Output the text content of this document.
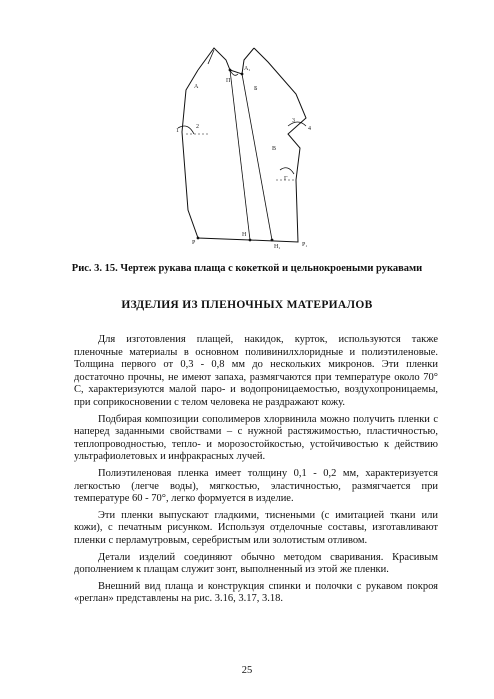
A
A₁
П
В
Б
Н
Н₁
Р	Р₁
Г
1
2
3
4
Рис. 3. 15. Чертеж рукава плаща с кокеткой и цельнокроеными рукавами
ИЗДЕЛИЯ ИЗ ПЛЕНОЧНЫХ МАТЕРИАЛОВ

Для изготовления плащей, накидок, курток, используются также пленочные материалы в основном поливинилхлоридные и полиэтиленовые. Толщина первого от 0,3 - 0,8 мм до нескольких микронов. Эти пленки достаточно прочны, не имеют запаха, размягчаются при температуре около 70° С, характеризуются малой паро- и водопроницаемостью, воздухопроницаемы, при соприкосновении с телом человека не раздражают кожу.

Подбирая композиции сополимеров хлорвинила можно получить пленки с наперед заданными свойствами – с нужной растяжимостью, пластичностью, теплопроводностью, тепло- и морозостойкостью, устойчивостью к действию ультрафиолетовых и инфракрасных лучей.

Полиэтиленовая пленка имеет толщину 0,1 - 0,2 мм, характеризуется легкостью (легче воды), мягкостью, эластичностью, размягчается при температуре 60 - 70°, легко формуется в изделие.

Эти пленки выпускают гладкими, тиснеными (с имитацией ткани или кожи), с печатным рисунком. Используя отделочные составы, изготавливают пленки с перламутровым, серебристым или золотистым отливом.

Детали изделий соединяют обычно методом сваривания. Красивым дополнением к плащам служит зонт, выполненный из этой же пленки.

Внешний вид плаща и конструкция спинки и полочки с рукавом покроя «реглан» представлены на рис. 3.16, 3.17, 3.18.

25
